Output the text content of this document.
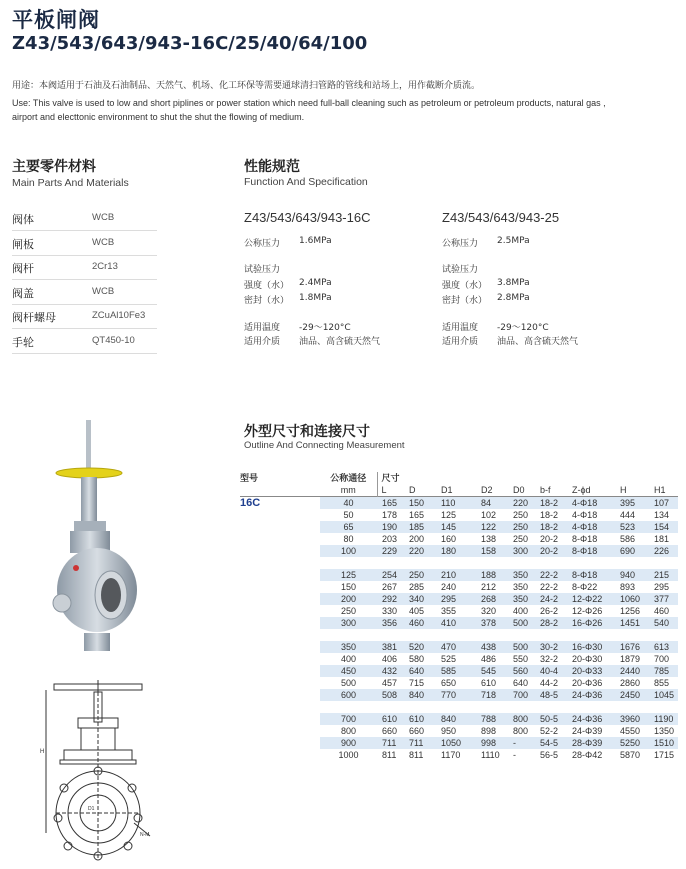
平板闸阀
Z43/543/643/943-16C/25/40/64/100
用途：本阀适用于石油及石油制品、天然气、机场、化工环保等需要通球清扫管路的管线和站场上，用作截断介质流。
Use: This valve is used to low and short piplines or power station which need full-ball cleaning such as petroleum or petroleum products, natural gas , airport and electtonic environment to shut the shut the flowing of medium.
主要零件材料
Main Parts And Materials
阀体	WCB
闸板	WCB
阀杆	2Cr13
阀盖	WCB
阀杆螺母	ZCuAl10Fe3
手轮	QT450-10
性能规范
Function And Specification
Z43/543/643/943-16C
公称压力 1.6MPa
试验压力
强度（水） 2.4MPa
密封（水） 1.8MPa
适用温度 -29～120°C
适用介质 油品、高含硫天然气
Z43/543/643/943-25
公称压力 2.5MPa
试验压力
强度（水） 3.8MPa
密封（水） 2.8MPa
适用温度 -29～120°C
适用介质 油品、高含硫天然气
H
N-M
D1
外型尺寸和连接尺寸
Outline And Connecting Measurement
型号	公称通径	尺寸								
	mm	L	D	D1	D2	D0	b-f	Z-ϕd	H	H1
16C	40	165	150	110	84	220	18-2	4-Φ18	395	107
	50	178	165	125	102	250	18-2	4-Φ18	444	134
	65	190	185	145	122	250	18-2	4-Φ18	523	154
	80	203	200	160	138	250	20-2	8-Φ18	586	181
	100	229	220	180	158	300	20-2	8-Φ18	690	226

	125	254	250	210	188	350	22-2	8-Φ18	940	215
	150	267	285	240	212	350	22-2	8-Φ22	893	295
	200	292	340	295	268	350	24-2	12-Φ22	1060	377
	250	330	405	355	320	400	26-2	12-Φ26	1256	460
	300	356	460	410	378	500	28-2	16-Φ26	1451	540

	350	381	520	470	438	500	30-2	16-Φ30	1676	613
	400	406	580	525	486	550	32-2	20-Φ30	1879	700
	450	432	640	585	545	560	40-4	20-Φ33	2440	785
	500	457	715	650	610	640	44-2	20-Φ36	2860	855
	600	508	840	770	718	700	48-5	24-Φ36	2450	1045

	700	610	610	840	788	800	50-5	24-Φ36	3960	1190
	800	660	660	950	898	800	52-2	24-Φ39	4550	1350
	900	711	711	1050	998	-	54-5	28-Φ39	5250	1510
	1000	811	811	1170	1110	-	56-5	28-Φ42	5870	1715
